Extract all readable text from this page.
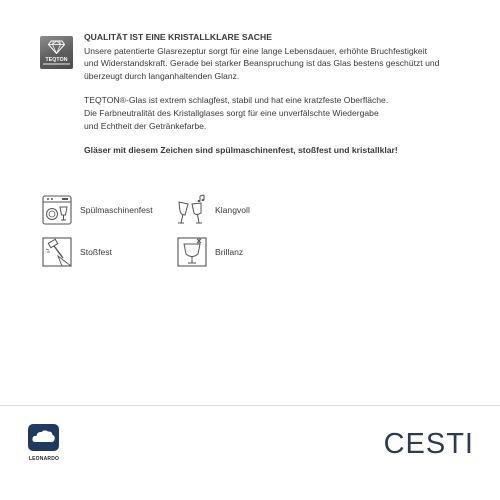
TEQTON

QUALITÄT IST EINE KRISTALLKLARE SACHE

Unsere patentierte Glasrezeptur sorgt für eine lange Lebensdauer, erhöhte Bruchfestigkeit

und Widerstandskraft. Gerade bei starker Beanspruchung ist das Glas bestens geschützt und

überzeugt durch langanhaltenden Glanz.

TEQTON®-Glas ist extrem schlagfest, stabil und hat eine kratzfeste Oberfläche.

Die Farbneutralität des Kristallglases sorgt für eine unverfälschte Wiedergabe

und Echtheit der Getränkefarbe.

Gläser mit diesem Zeichen sind spülmaschinenfest, stoßfest und kristallklar!

Spülmaschinenfest	Klangvoll
Stoßfest	Brillanz
LEONARDO	CESTI
